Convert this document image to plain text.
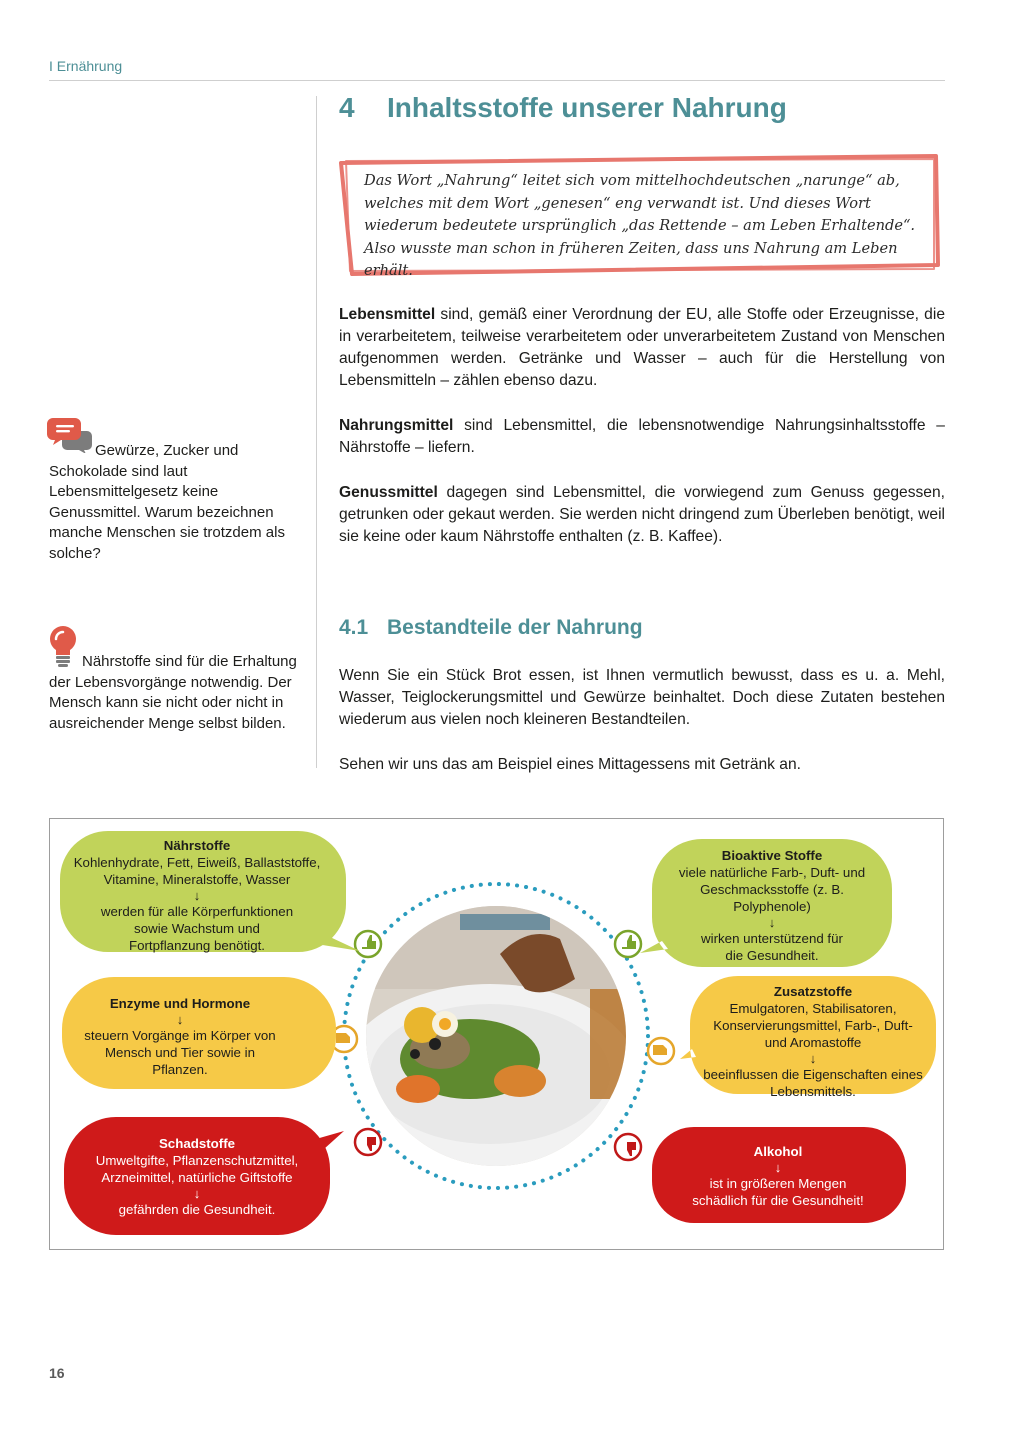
I Ernährung
4 Inhaltsstoffe unserer Nahrung
Das Wort „Nahrung“ leitet sich vom mittelhochdeutschen „narunge“ ab, welches mit dem Wort „genesen“ eng verwandt ist. Und dieses Wort wiederum bedeutete ursprünglich „das Rettende – am Leben Erhaltende“. Also wusste man schon in früheren Zeiten, dass uns Nahrung am Leben erhält.
Lebensmittel sind, gemäß einer Verordnung der EU, alle Stoffe oder Erzeugnisse, die in verarbeitetem, teilweise verarbeitetem oder unverarbeitetem Zustand von Menschen aufgenommen werden. Getränke und Wasser – auch für die Herstellung von Lebensmitteln – zählen ebenso dazu.
Nahrungsmittel sind Lebensmittel, die lebensnotwendige Nahrungsinhaltsstoffe – Nährstoffe – liefern.
Genussmittel dagegen sind Lebensmittel, die vorwiegend zum Genuss gegessen, getrunken oder gekaut werden. Sie werden nicht dringend zum Überleben benötigt, weil sie keine oder kaum Nährstoffe enthalten (z. B. Kaffee).
4.1 Bestandteile der Nahrung
Wenn Sie ein Stück Brot essen, ist Ihnen vermutlich bewusst, dass es u. a. Mehl, Wasser, Teiglockerungsmittel und Gewürze beinhaltet. Doch diese Zutaten bestehen wiederum aus vielen noch kleineren Bestandteilen.
Sehen wir uns das am Beispiel eines Mittagessens mit Getränk an.
Gewürze, Zucker und Schokolade sind laut Lebensmittelgesetz keine Genussmittel. Warum bezeichnen manche Menschen sie trotzdem als solche?
Nährstoffe sind für die Erhaltung der Lebensvorgänge notwendig. Der Mensch kann sie nicht oder nicht in ausreichender Menge selbst bilden.
Nährstoffe
Kohlenhydrate, Fett, Eiweiß, Ballaststoffe, Vitamine, Mineralstoffe, Wasser
↓
werden für alle Körperfunktionen sowie Wachstum und Fortpflanzung benötigt.
Enzyme und Hormone
↓
steuern Vorgänge im Körper von Mensch und Tier sowie in Pflanzen.
Schadstoffe
Umweltgifte, Pflanzenschutzmittel, Arzneimittel, natürliche Giftstoffe
↓
gefährden die Gesundheit.
Bioaktive Stoffe
viele natürliche Farb-, Duft- und Geschmacksstoffe (z. B. Polyphenole)
↓
wirken unterstützend für die Gesundheit.
Zusatzstoffe
Emulgatoren, Stabilisatoren, Konservierungsmittel, Farb-, Duft- und Aromastoffe
↓
beeinflussen die Eigenschaften eines Lebensmittels.
Alkohol
↓
ist in größeren Mengen schädlich für die Gesundheit!
16
